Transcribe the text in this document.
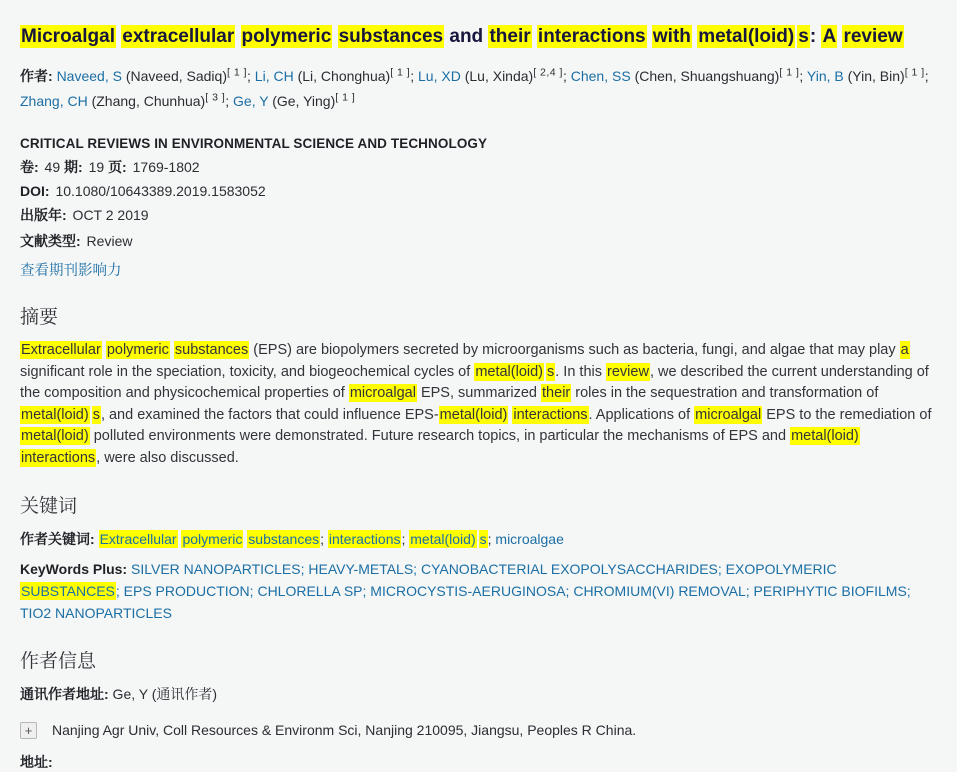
Microalgal extracellular polymeric substances and their interactions with metal(loid) s: A review

作者: Naveed, S (Naveed, Sadiq)[ 1 ]; Li, CH (Li, Chonghua)[ 1 ]; Lu, XD (Lu, Xinda)[ 2,4 ]; Chen, SS (Chen, Shuangshuang)[ 1 ]; Yin, B (Yin, Bin)[ 1 ]; Zhang, CH (Zhang, Chunhua)[ 3 ]; Ge, Y (Ge, Ying)[ 1 ]

CRITICAL REVIEWS IN ENVIRONMENTAL SCIENCE AND TECHNOLOGY
卷: 49 期: 19 页: 1769-1802
DOI: 10.1080/10643389.2019.1583052
出版年: OCT 2 2019
文献类型: Review
查看期刊影响力
摘要

Extracellular polymeric substances (EPS) are biopolymers secreted by microorganisms such as bacteria, fungi, and algae that may play a significant role in the speciation, toxicity, and biogeochemical cycles of metal(loid) s. In this review, we described the current understanding of the composition and physicochemical properties of microalgal EPS, summarized their roles in the sequestration and transformation of metal(loid) s, and examined the factors that could influence EPS-metal(loid) interactions. Applications of microalgal EPS to the remediation of metal(loid) polluted environments were demonstrated. Future research topics, in particular the mechanisms of EPS and metal(loid) interactions, were also discussed.

关键词

作者关键词: Extracellular polymeric substances; interactions; metal(loid) s; microalgae

KeyWords Plus: SILVER NANOPARTICLES; HEAVY-METALS; CYANOBACTERIAL EXOPOLYSACCHARIDES; EXOPOLYMERIC SUBSTANCES; EPS PRODUCTION; CHLORELLA SP; MICROCYSTIS-AERUGINOSA; CHROMIUM(VI) REMOVAL; PERIPHYTIC BIOFILMS; TIO2 NANOPARTICLES

作者信息

通讯作者地址: Ge, Y (通讯作者)

+	Nanjing Agr Univ, Coll Resources & Environm Sci, Nanjing 210095, Jiangsu, Peoples R China.

地址:
